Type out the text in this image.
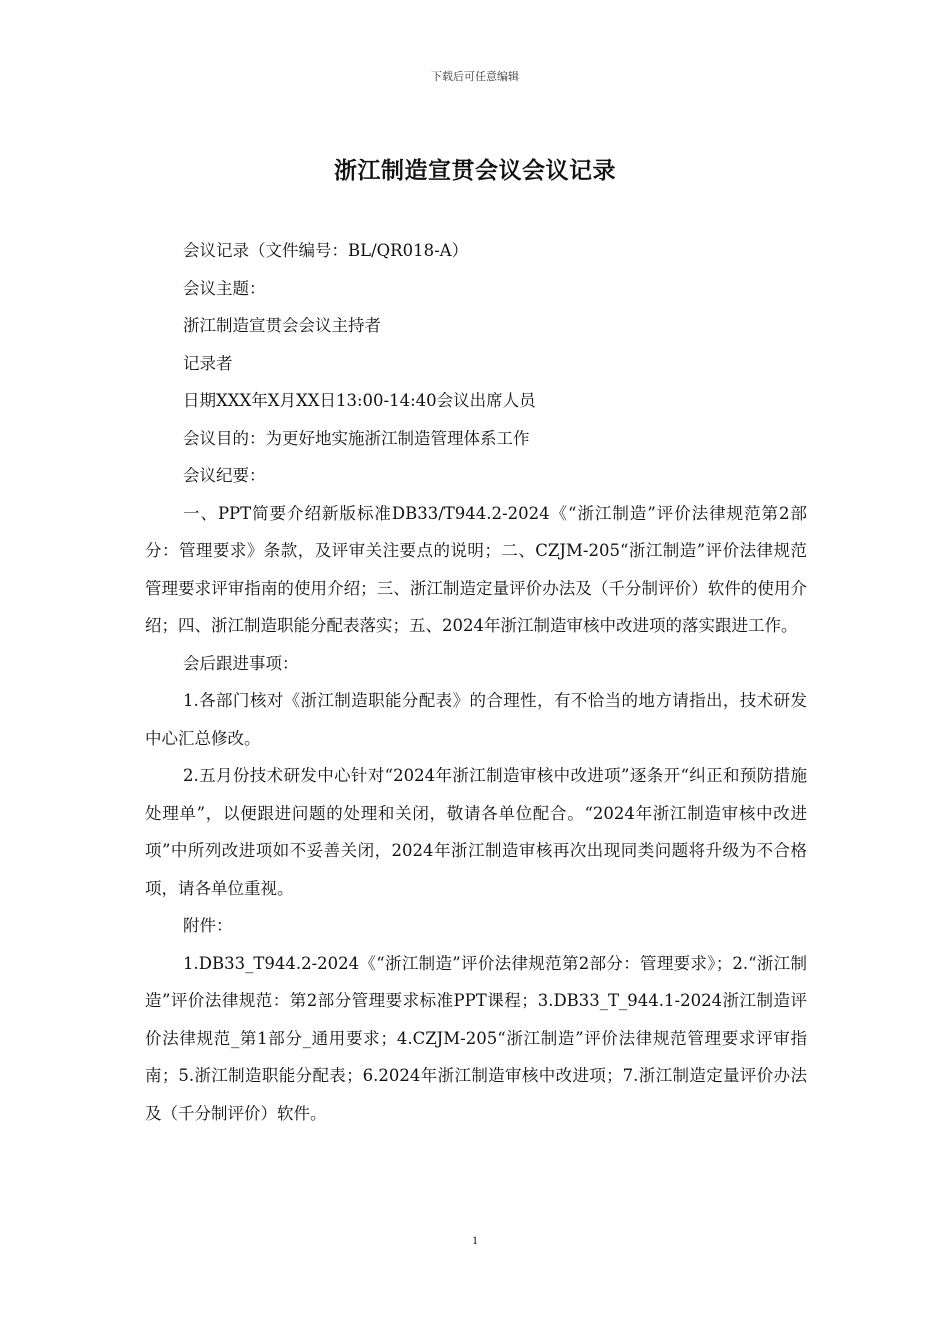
下载后可任意编辑
浙江制造宣贯会议会议记录
会议记录（文件编号：BL/QR018-A）
会议主题：
浙江制造宣贯会会议主持者
记录者
日期XXX年X月XX日13:00-14:40会议出席人员
会议目的：为更好地实施浙江制造管理体系工作
会议纪要：
一、PPT简要介绍新版标准DB33/T944.2-2024《“浙江制造”评价法律规范第2部分：管理要求》条款，及评审关注要点的说明；二、CZJM-205“浙江制造”评价法律规范管理要求评审指南的使用介绍；三、浙江制造定量评价办法及（千分制评价）软件的使用介绍；四、浙江制造职能分配表落实；五、2024年浙江制造审核中改进项的落实跟进工作。
会后跟进事项：
1.各部门核对《浙江制造职能分配表》的合理性，有不恰当的地方请指出，技术研发中心汇总修改。
2.五月份技术研发中心针对“2024年浙江制造审核中改进项”逐条开“纠正和预防措施处理单”，以便跟进问题的处理和关闭，敬请各单位配合。“2024年浙江制造审核中改进项”中所列改进项如不妥善关闭，2024年浙江制造审核再次出现同类问题将升级为不合格项，请各单位重视。
附件：
1.DB33_T944.2-2024《“浙江制造”评价法律规范第2部分：管理要求》；2.“浙江制造”评价法律规范：第2部分管理要求标准PPT课程；3.DB33_T_944.1-2024浙江制造评价法律规范_第1部分_通用要求；4.CZJM-205“浙江制造”评价法律规范管理要求评审指南；5.浙江制造职能分配表；6.2024年浙江制造审核中改进项；7.浙江制造定量评价办法及（千分制评价）软件。
1
